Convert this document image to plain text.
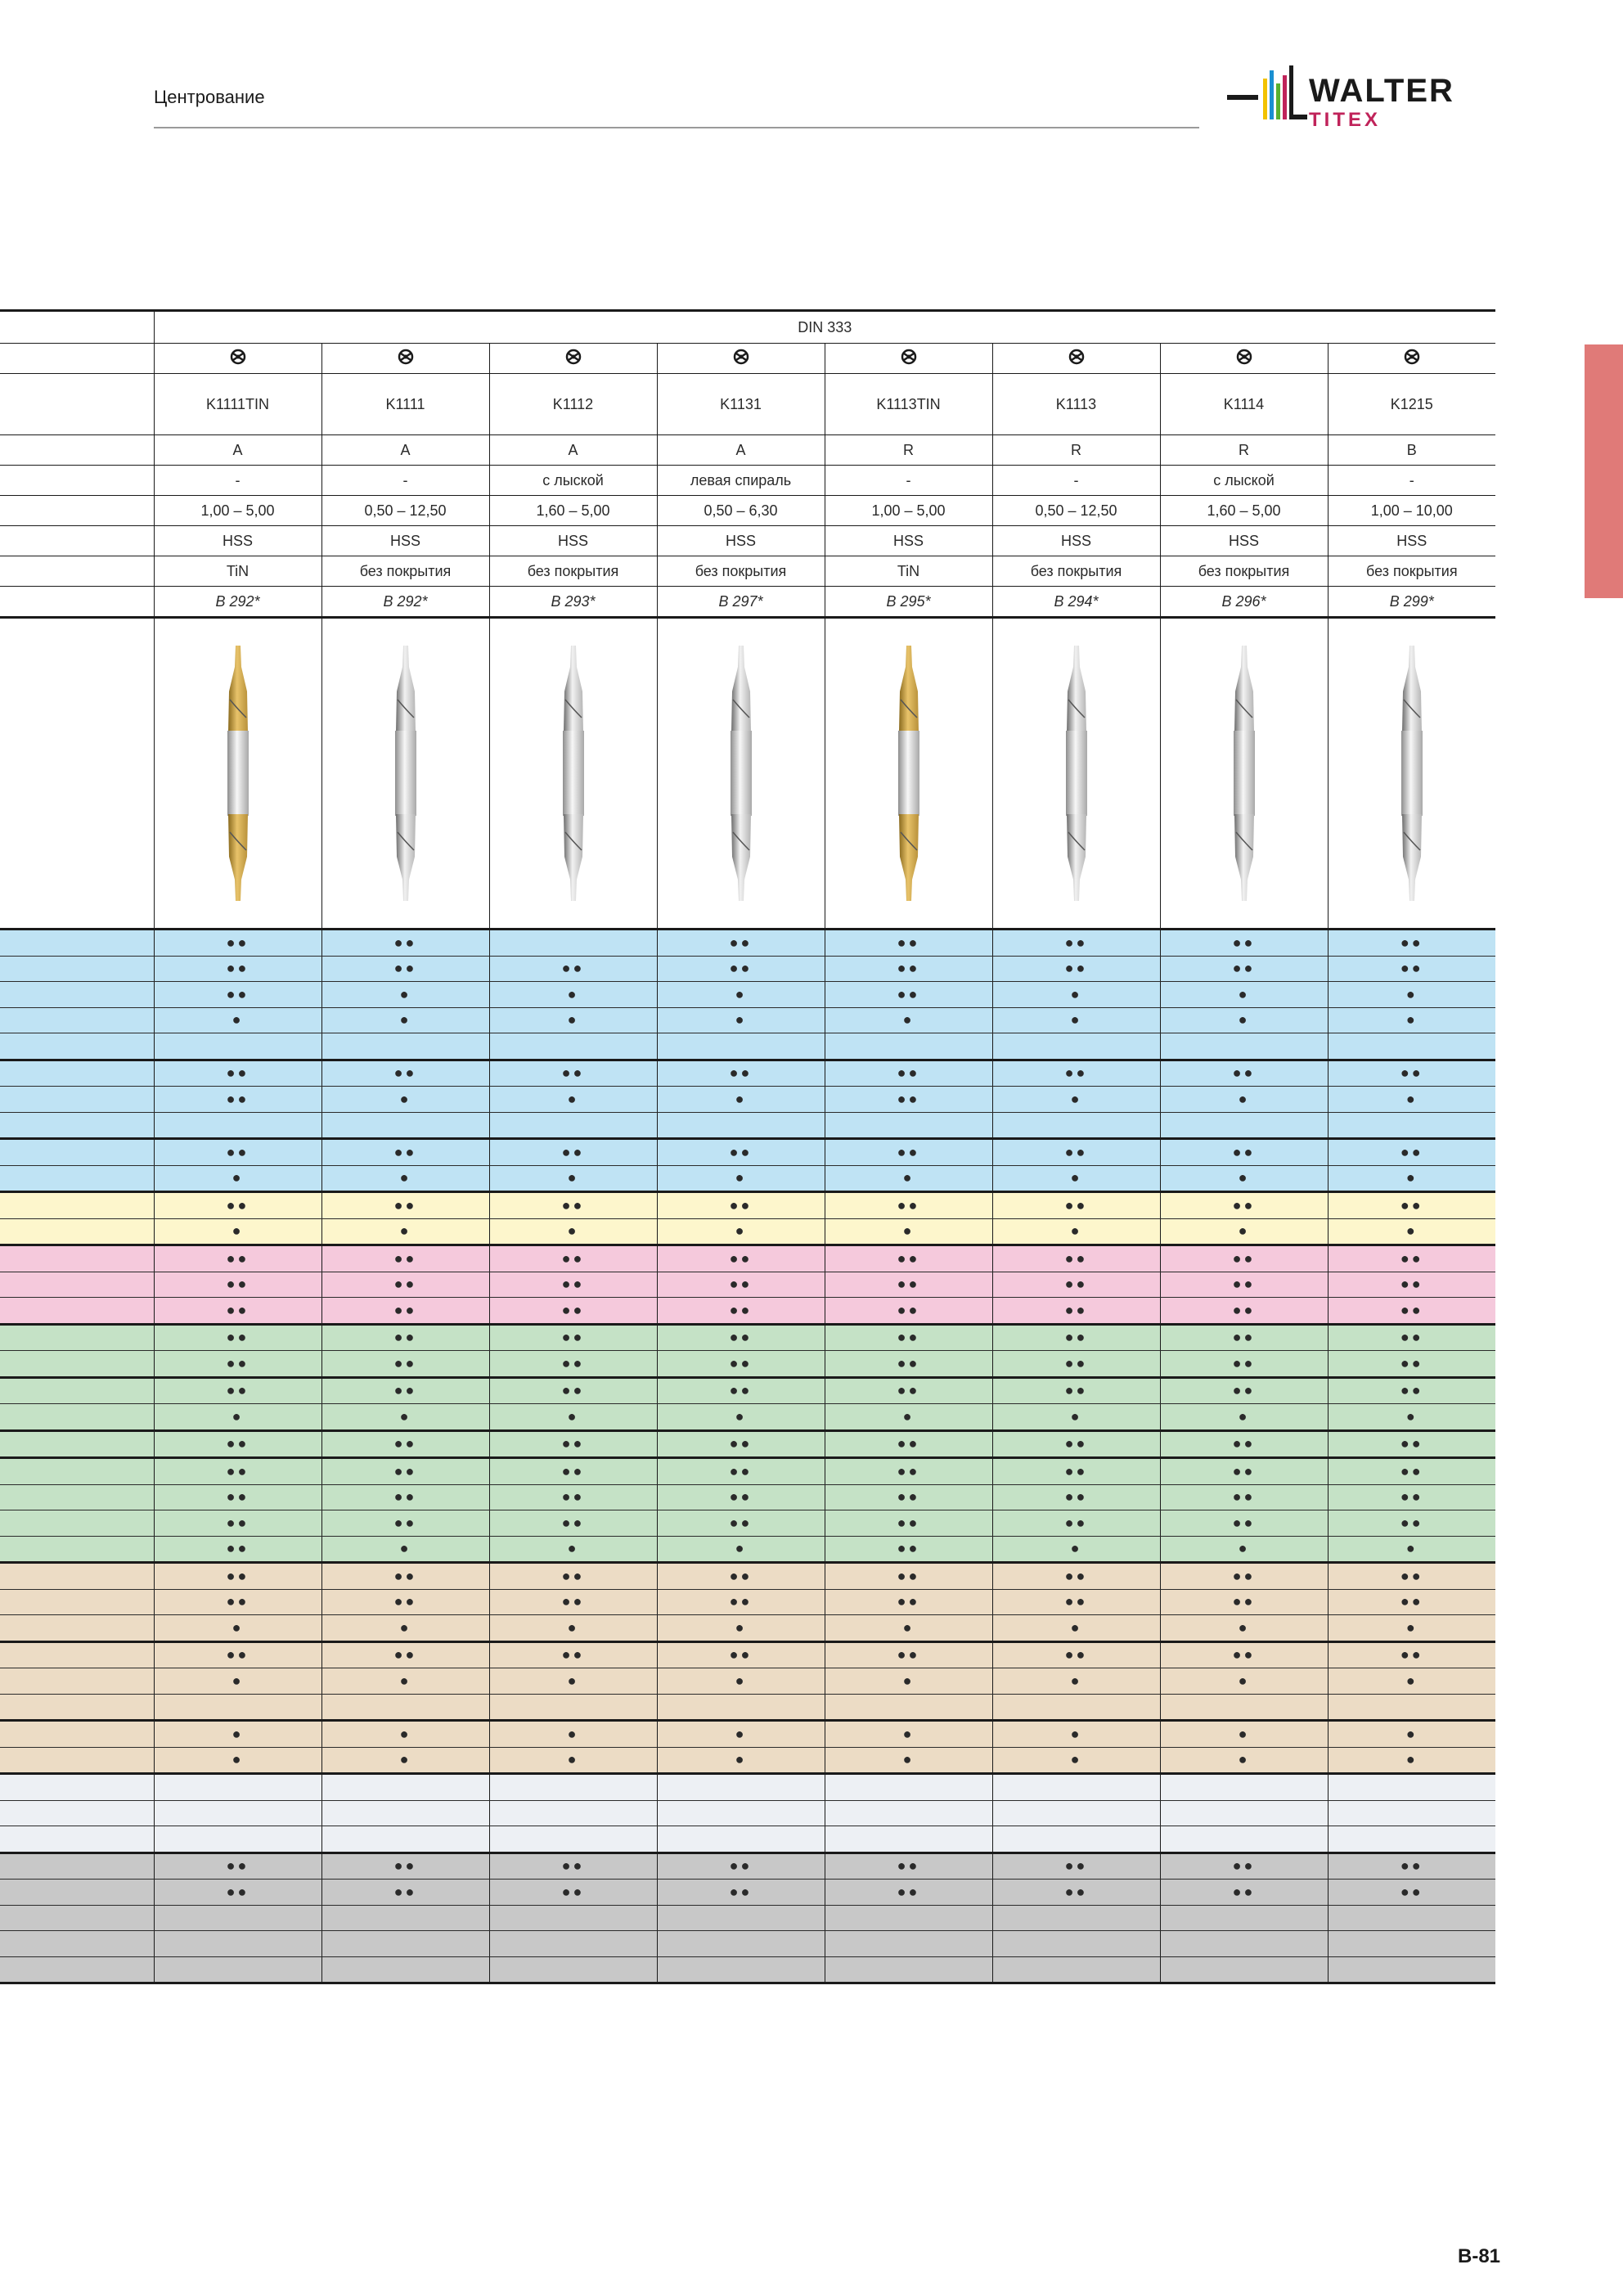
Центрование	WALTER
TITEX
	DIN 333							

	K1111TIN	K1111	K1112	K1131	K1113TIN	K1113	K1114	K1215
	A	A	A	A	R	R	R	B
	-	-	с лыской	левая спираль	-	-	с лыской	-
	1,00 – 5,00	0,50 – 12,50	1,60 – 5,00	0,50 – 6,30	1,00 – 5,00	0,50 – 12,50	1,60 – 5,00	1,00 – 10,00
	HSS	HSS	HSS	HSS	HSS	HSS	HSS	HSS
	TiN	без покрытия	без покрытия	без покрытия	TiN	без покрытия	без покрытия	без покрытия
	B 292*	B 292*	B 293*	B 297*	B 295*	B 294*	B 296*	B 299*

	●●	●●		●●	●●	●●	●●	●●
	●●	●●	●●	●●	●●	●●	●●	●●
	●●	●	●	●	●●	●	●	●
	●	●	●	●	●	●	●	●

	●●	●●	●●	●●	●●	●●	●●	●●
	●●	●	●	●	●●	●	●	●

	●●	●●	●●	●●	●●	●●	●●	●●
	●	●	●	●	●	●	●	●
	●●	●●	●●	●●	●●	●●	●●	●●
	●	●	●	●	●	●	●	●
	●●	●●	●●	●●	●●	●●	●●	●●
	●●	●●	●●	●●	●●	●●	●●	●●
	●●	●●	●●	●●	●●	●●	●●	●●
	●●	●●	●●	●●	●●	●●	●●	●●
	●●	●●	●●	●●	●●	●●	●●	●●
	●●	●●	●●	●●	●●	●●	●●	●●
	●	●	●	●	●	●	●	●
	●●	●●	●●	●●	●●	●●	●●	●●
	●●	●●	●●	●●	●●	●●	●●	●●
	●●	●●	●●	●●	●●	●●	●●	●●
	●●	●●	●●	●●	●●	●●	●●	●●
	●●	●	●	●	●●	●	●	●
	●●	●●	●●	●●	●●	●●	●●	●●
	●●	●●	●●	●●	●●	●●	●●	●●
	●	●	●	●	●	●	●	●
	●●	●●	●●	●●	●●	●●	●●	●●
	●	●	●	●	●	●	●	●

	●	●	●	●	●	●	●	●
	●	●	●	●	●	●	●	●

	●●	●●	●●	●●	●●	●●	●●	●●
	●●	●●	●●	●●	●●	●●	●●	●●

B-81
